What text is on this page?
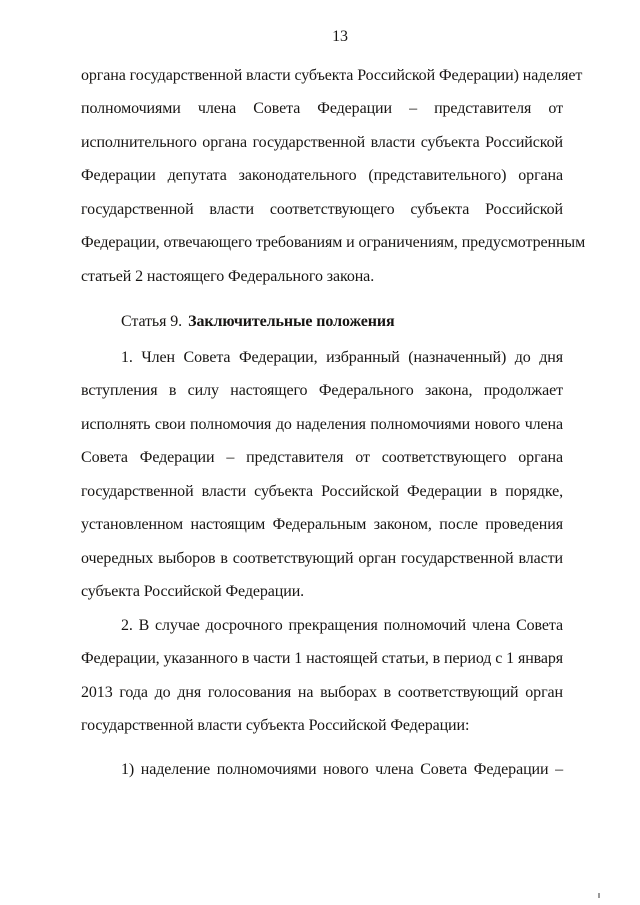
13
органа государственной власти субъекта Российской Федерации) наделяет
полномочиями члена Совета Федерации – представителя от
исполнительного органа государственной власти субъекта Российской
Федерации депутата законодательного (представительного) органа
государственной власти соответствующего субъекта Российской
Федерации, отвечающего требованиям и ограничениям, предусмотренным
статьей 2 настоящего Федерального закона.
Статья 9. Заключительные положения
1. Член Совета Федерации, избранный (назначенный) до дня
вступления в силу настоящего Федерального закона, продолжает
исполнять свои полномочия до наделения полномочиями нового члена
Совета Федерации – представителя от соответствующего органа
государственной власти субъекта Российской Федерации в порядке,
установленном настоящим Федеральным законом, после проведения
очередных выборов в соответствующий орган государственной власти
субъекта Российской Федерации.
2. В случае досрочного прекращения полномочий члена Совета
Федерации, указанного в части 1 настоящей статьи, в период с 1 января
2013 года до дня голосования на выборах в соответствующий орган
государственной власти субъекта Российской Федерации:
1) наделение полномочиями нового члена Совета Федерации –
